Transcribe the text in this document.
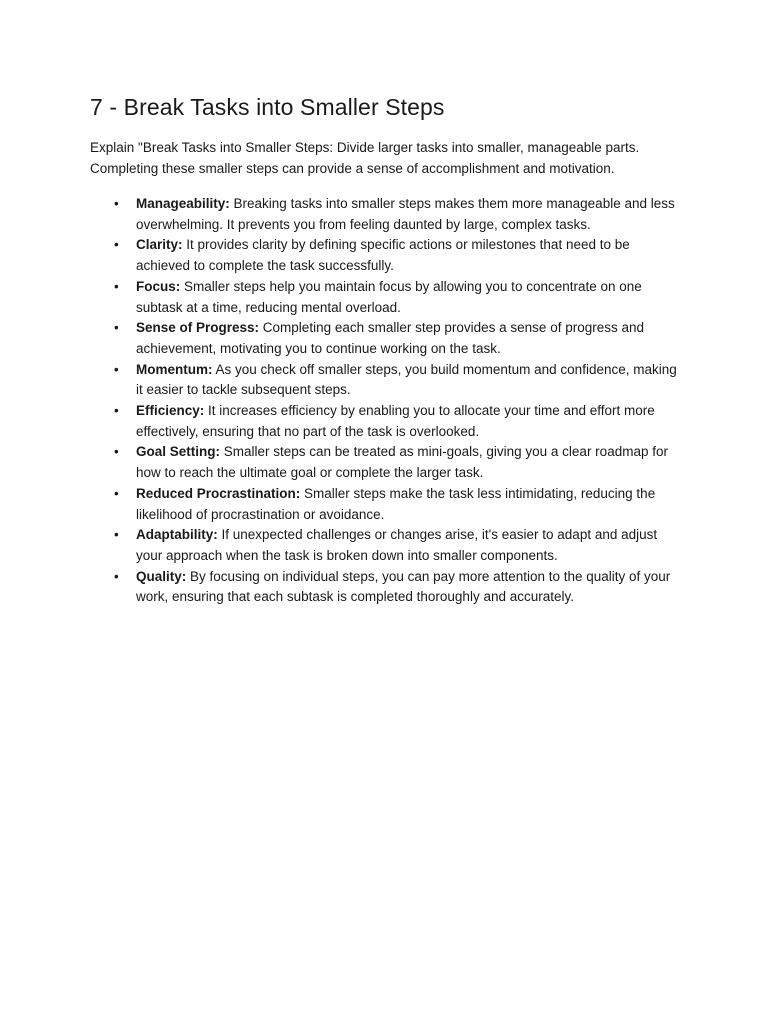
7 - Break Tasks into Smaller Steps

Explain "Break Tasks into Smaller Steps: Divide larger tasks into smaller, manageable parts. Completing these smaller steps can provide a sense of accomplishment and motivation.

• Manageability: Breaking tasks into smaller steps makes them more manageable and less overwhelming. It prevents you from feeling daunted by large, complex tasks.
• Clarity: It provides clarity by defining specific actions or milestones that need to be achieved to complete the task successfully.
• Focus: Smaller steps help you maintain focus by allowing you to concentrate on one subtask at a time, reducing mental overload.
• Sense of Progress: Completing each smaller step provides a sense of progress and achievement, motivating you to continue working on the task.
• Momentum: As you check off smaller steps, you build momentum and confidence, making it easier to tackle subsequent steps.
• Efficiency: It increases efficiency by enabling you to allocate your time and effort more effectively, ensuring that no part of the task is overlooked.
• Goal Setting: Smaller steps can be treated as mini-goals, giving you a clear roadmap for how to reach the ultimate goal or complete the larger task.
• Reduced Procrastination: Smaller steps make the task less intimidating, reducing the likelihood of procrastination or avoidance.
• Adaptability: If unexpected challenges or changes arise, it's easier to adapt and adjust your approach when the task is broken down into smaller components.
• Quality: By focusing on individual steps, you can pay more attention to the quality of your work, ensuring that each subtask is completed thoroughly and accurately.
